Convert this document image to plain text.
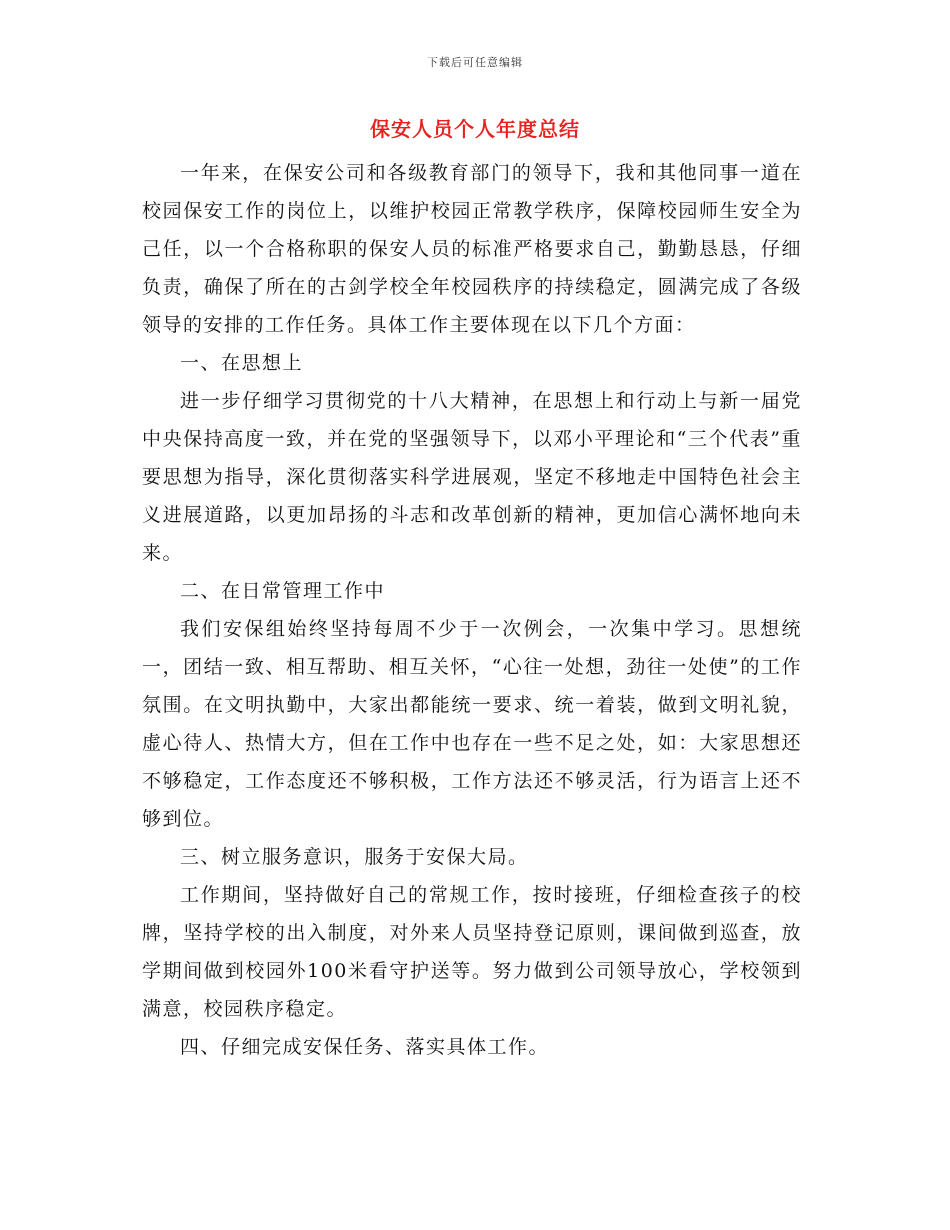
下载后可任意编辑
保安人员个人年度总结

一年来，在保安公司和各级教育部门的领导下，我和其他同事一道在校园保安工作的岗位上，以维护校园正常教学秩序，保障校园师生安全为己任，以一个合格称职的保安人员的标准严格要求自己，勤勤恳恳，仔细负责，确保了所在的古剑学校全年校园秩序的持续稳定，圆满完成了各级领导的安排的工作任务。具体工作主要体现在以下几个方面：

一、在思想上

进一步仔细学习贯彻党的十八大精神，在思想上和行动上与新一届党中央保持高度一致，并在党的坚强领导下，以邓小平理论和“三个代表”重要思想为指导，深化贯彻落实科学进展观，坚定不移地走中国特色社会主义进展道路，以更加昂扬的斗志和改革创新的精神，更加信心满怀地向未来。

二、在日常管理工作中

我们安保组始终坚持每周不少于一次例会，一次集中学习。思想统一，团结一致、相互帮助、相互关怀，“心往一处想，劲往一处使”的工作氛围。在文明执勤中，大家出都能统一要求、统一着装，做到文明礼貌，虚心待人、热情大方，但在工作中也存在一些不足之处，如：大家思想还不够稳定，工作态度还不够积极，工作方法还不够灵活，行为语言上还不够到位。

三、树立服务意识，服务于安保大局。

工作期间，坚持做好自己的常规工作，按时接班，仔细检查孩子的校牌，坚持学校的出入制度，对外来人员坚持登记原则，课间做到巡查，放学期间做到校园外100米看守护送等。努力做到公司领导放心，学校领到满意，校园秩序稳定。

四、仔细完成安保任务、落实具体工作。
